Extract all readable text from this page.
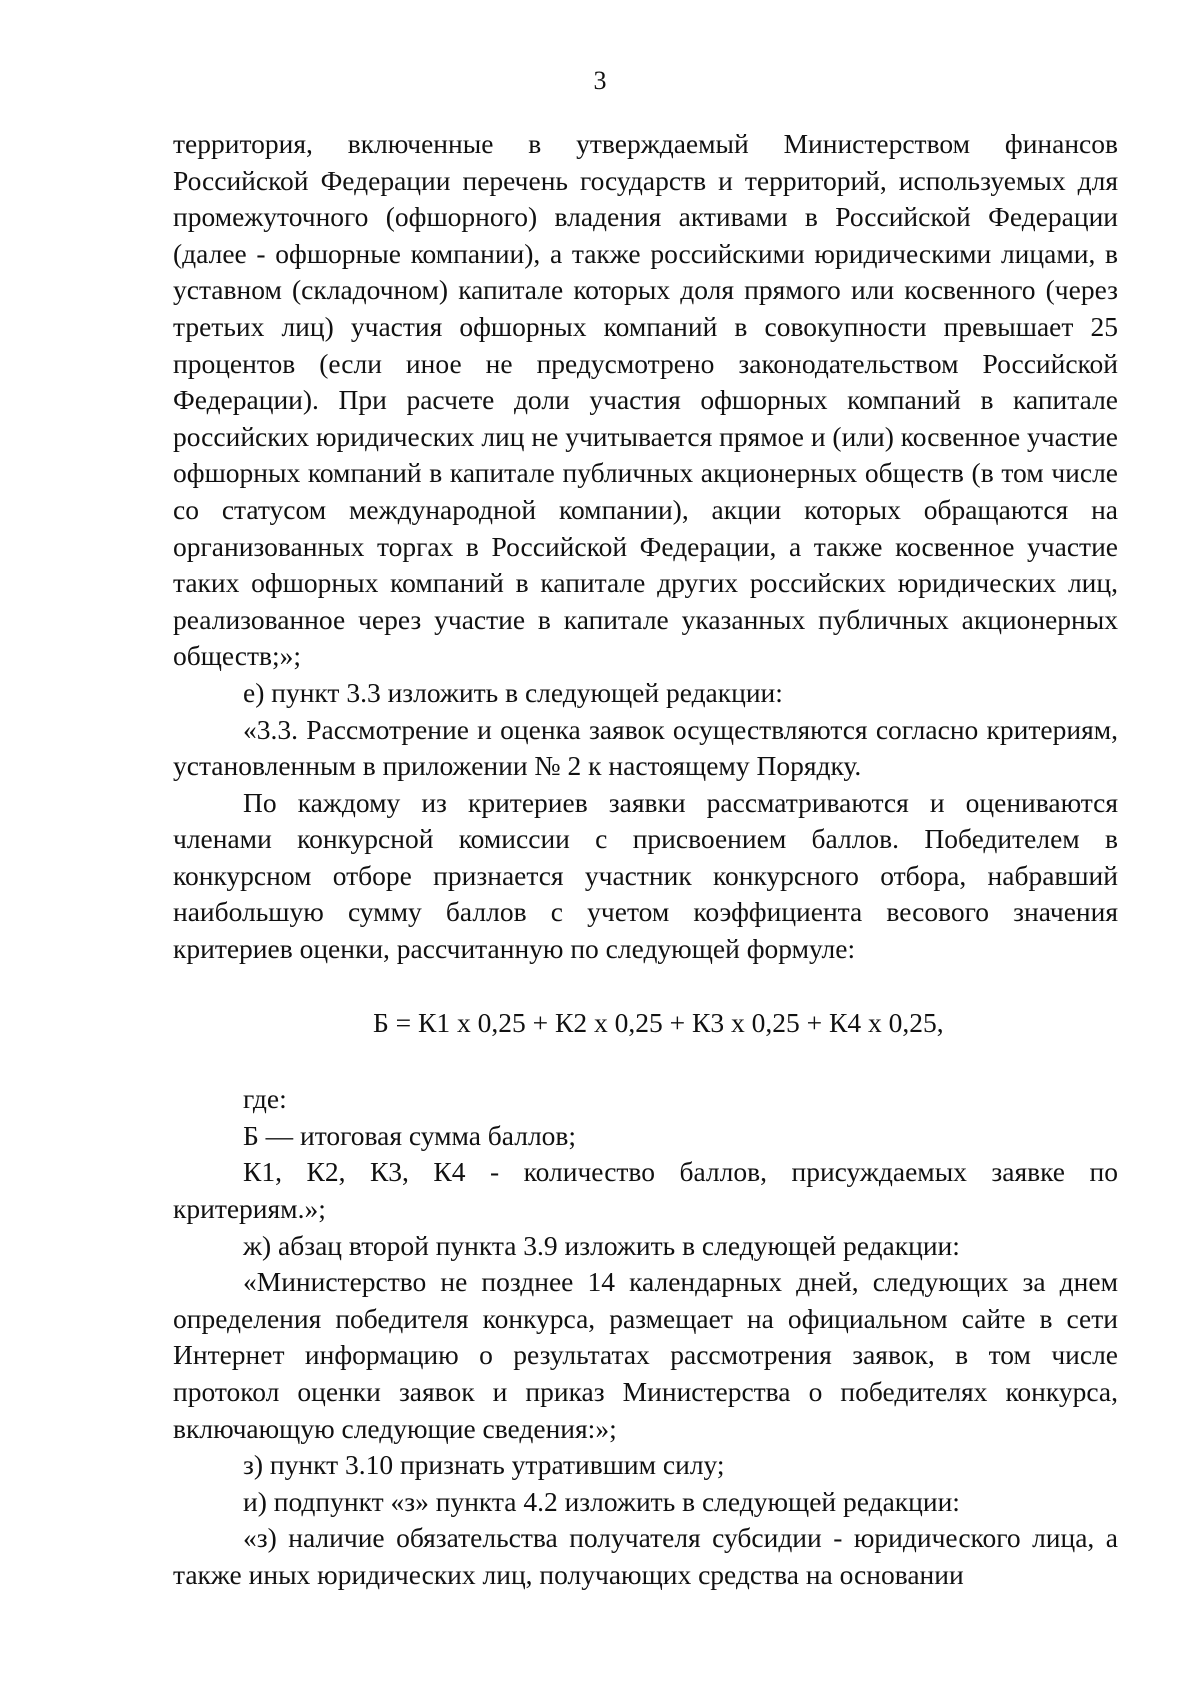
3

территория, включенные в утверждаемый Министерством финансов Российской Федерации перечень государств и территорий, используемых для промежуточного (офшорного) владения активами в Российской Федерации (далее - офшорные компании), а также российскими юридическими лицами, в уставном (складочном) капитале которых доля прямого или косвенного (через третьих лиц) участия офшорных компаний в совокупности превышает 25 процентов (если иное не предусмотрено законодательством Российской Федерации). При расчете доли участия офшорных компаний в капитале российских юридических лиц не учитывается прямое и (или) косвенное участие офшорных компаний в капитале публичных акционерных обществ (в том числе со статусом международной компании), акции которых обращаются на организованных торгах в Российской Федерации, а также косвенное участие таких офшорных компаний в капитале других российских юридических лиц, реализованное через участие в капитале указанных публичных акционерных обществ;»;

е) пункт 3.3 изложить в следующей редакции:

«3.3. Рассмотрение и оценка заявок осуществляются согласно критериям, установленным в приложении № 2 к настоящему Порядку.

По каждому из критериев заявки рассматриваются и оцениваются членами конкурсной комиссии с присвоением баллов. Победителем в конкурсном отборе признается участник конкурсного отбора, набравший наибольшую сумму баллов с учетом коэффициента весового значения критериев оценки, рассчитанную по следующей формуле:

Б = К1 x 0,25 + К2 x 0,25 + К3 x 0,25 + К4 x 0,25,

где:

Б — итоговая сумма баллов;

К1, К2, К3, К4 - количество баллов, присуждаемых заявке по критериям.»;

ж) абзац второй пункта 3.9 изложить в следующей редакции:

«Министерство не позднее 14 календарных дней, следующих за днем определения победителя конкурса, размещает на официальном сайте в сети Интернет информацию о результатах рассмотрения заявок, в том числе протокол оценки заявок и приказ Министерства о победителях конкурса, включающую следующие сведения:»;

з) пункт 3.10 признать утратившим силу;

и) подпункт «з» пункта 4.2 изложить в следующей редакции:

«з) наличие обязательства получателя субсидии - юридического лица, а также иных юридических лиц, получающих средства на основании
